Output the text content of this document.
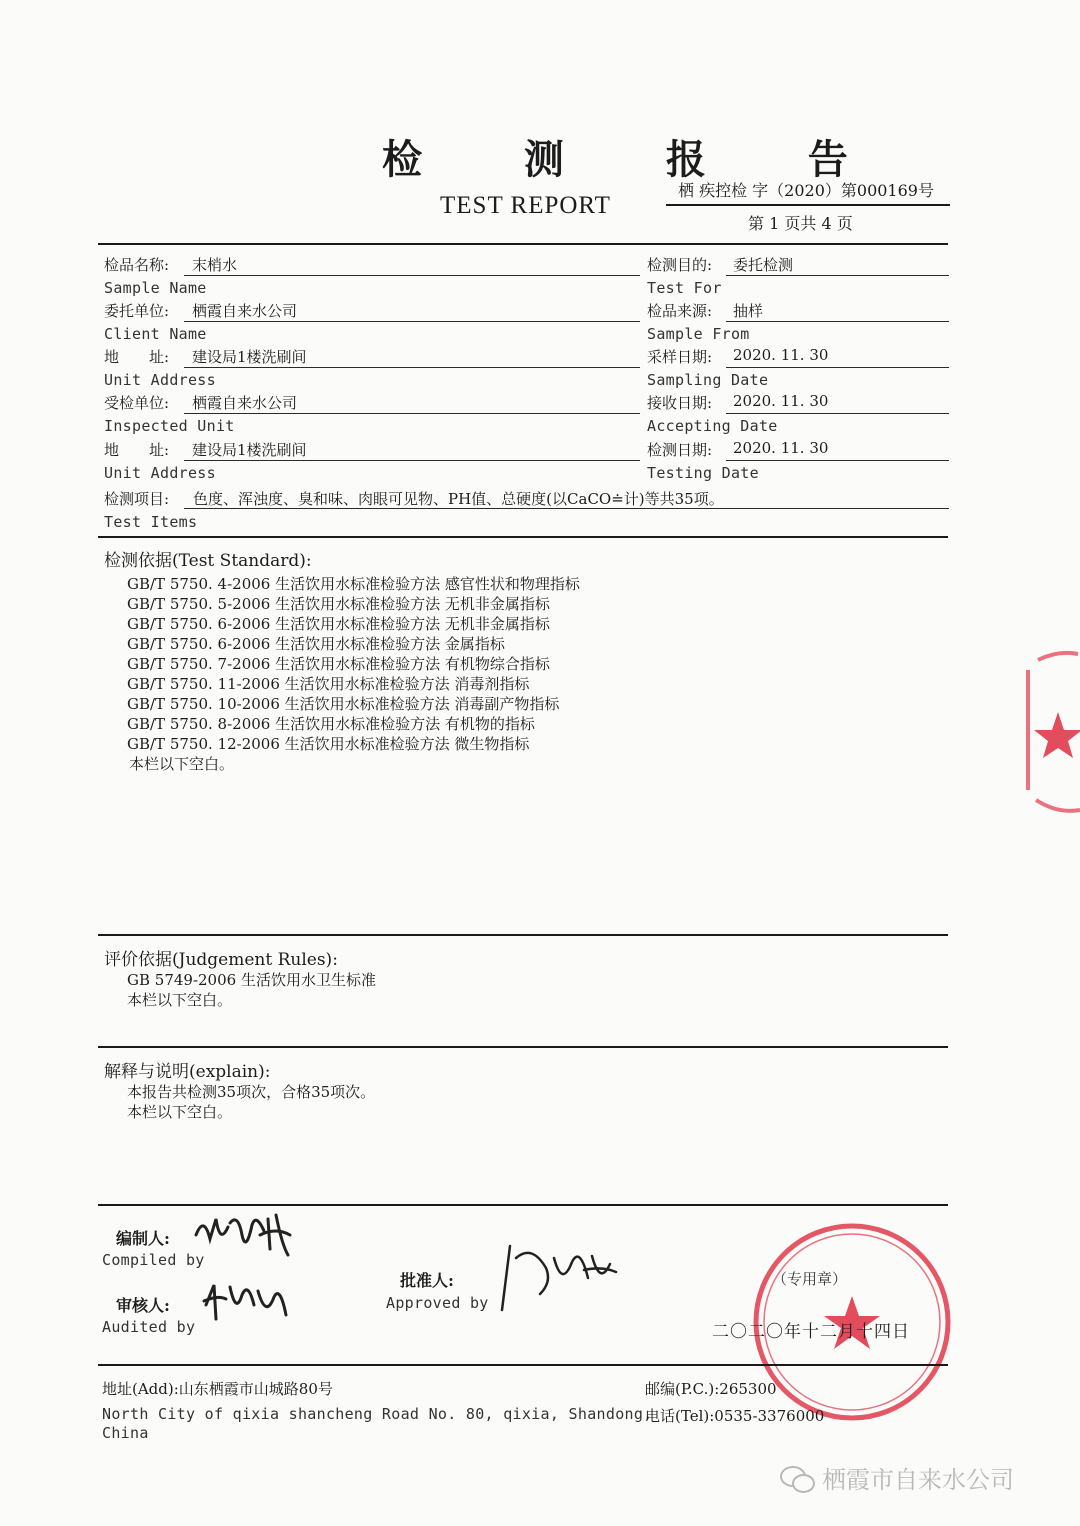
检 测 报 告
TEST REPORT
栖 疾控检 字（2020）第000169号
第 1 页共 4 页
检品名称: 末梢水
Sample Name
委托单位: 栖霞自来水公司
Client Name
地　　址: 建设局1楼洗刷间
Unit Address
受检单位: 栖霞自来水公司
Inspected Unit
地　　址: 建设局1楼洗刷间
Unit Address
检测目的: 委托检测
Test For
检品来源: 抽样
Sample From
采样日期: 2020. 11. 30
Sampling Date
接收日期: 2020. 11. 30
Accepting Date
检测日期: 2020. 11. 30
Testing Date
检测项目: 色度、浑浊度、臭和味、肉眼可见物、PH值、总硬度(以CaCO≐计)等共35项。
Test Items
检测依据(Test Standard):
GB/T 5750. 4-2006 生活饮用水标准检验方法 感官性状和物理指标
GB/T 5750. 5-2006 生活饮用水标准检验方法 无机非金属指标
GB/T 5750. 6-2006 生活饮用水标准检验方法 无机非金属指标
GB/T 5750. 6-2006 生活饮用水标准检验方法 金属指标
GB/T 5750. 7-2006 生活饮用水标准检验方法 有机物综合指标
GB/T 5750. 11-2006 生活饮用水标准检验方法 消毒剂指标
GB/T 5750. 10-2006 生活饮用水标准检验方法 消毒副产物指标
GB/T 5750. 8-2006 生活饮用水标准检验方法 有机物的指标
GB/T 5750. 12-2006 生活饮用水标准检验方法 微生物指标
本栏以下空白。
评价依据(Judgement Rules):
GB 5749-2006 生活饮用水卫生标准
本栏以下空白。
解释与说明(explain):
本报告共检测35项次，合格35项次。
本栏以下空白。
编制人:
Compiled by
审核人:
Audited by
批准人:
Approved by
（专用章）
二〇二〇年十二月十四日
地址(Add):山东栖霞市山城路80号
North City of qixia shancheng Road No. 80, qixia, Shandong,
China
邮编(P.C.):265300
电话(Tel):0535-3376000
栖霞市自来水公司
